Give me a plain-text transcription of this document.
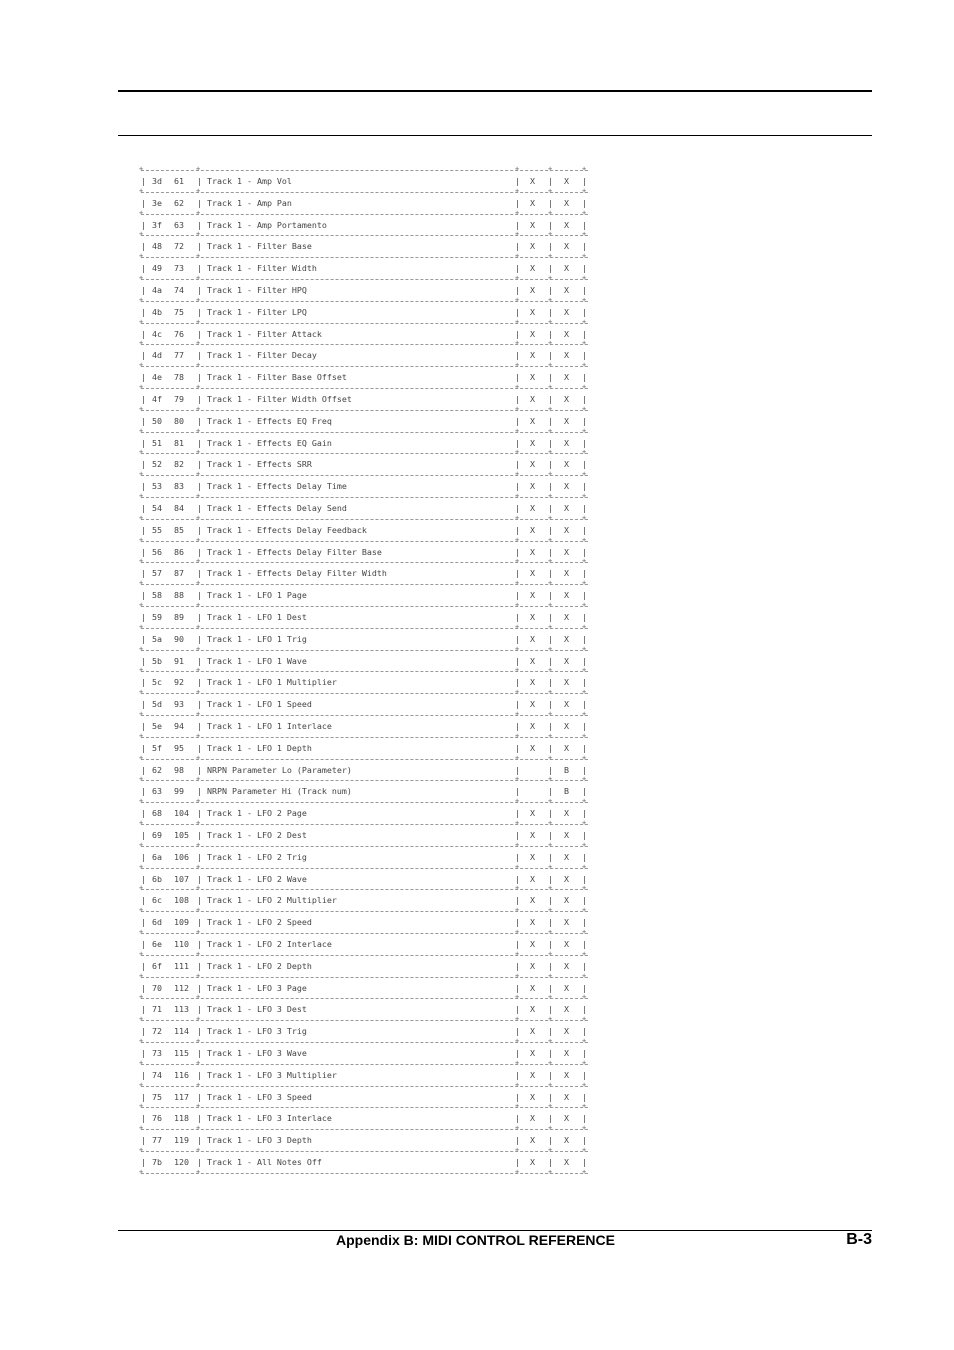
+	+	+	+	+
| 3d 61 | Track 1 - Amp Vol	| X | X |
+	+	+	+	+
| 3e 62 | Track 1 - Amp Pan	| X | X |
+	+	+	+	+
| 3f 63 | Track 1 - Amp Portamento	| X | X |
+	+	+	+	+
| 48 72 | Track 1 - Filter Base	| X | X |
+	+	+	+	+
| 49 73 | Track 1 - Filter Width	| X | X |
+	+	+	+	+
| 4a 74 | Track 1 - Filter HPQ	| X | X |
+	+	+	+	+
| 4b 75 | Track 1 - Filter LPQ	| X | X |
+	+	+	+	+
| 4c 76 | Track 1 - Filter Attack	| X | X |
+	+	+	+	+
| 4d 77 | Track 1 - Filter Decay	| X | X |
+	+	+	+	+
| 4e 78 | Track 1 - Filter Base Offset	| X | X |
+	+	+	+	+
| 4f 79 | Track 1 - Filter Width Offset	| X | X |
+	+	+	+	+
| 50 80 | Track 1 - Effects EQ Freq	| X | X |
+	+	+	+	+
| 51 81 | Track 1 - Effects EQ Gain	| X | X |
+	+	+	+	+
| 52 82 | Track 1 - Effects SRR	| X | X |
+	+	+	+	+
| 53 83 | Track 1 - Effects Delay Time	| X | X |
+	+	+	+	+
| 54 84 | Track 1 - Effects Delay Send	| X | X |
+	+	+	+	+
| 55 85 | Track 1 - Effects Delay Feedback	| X | X |
+	+	+	+	+
| 56 86 | Track 1 - Effects Delay Filter Base	| X | X |
+	+	+	+	+
| 57 87 | Track 1 - Effects Delay Filter Width	| X | X |
+	+	+	+	+
| 58 88 | Track 1 - LFO 1 Page	| X | X |
+	+	+	+	+
| 59 89 | Track 1 - LFO 1 Dest	| X | X |
+	+	+	+	+
| 5a 90 | Track 1 - LFO 1 Trig	| X | X |
+	+	+	+	+
| 5b 91 | Track 1 - LFO 1 Wave	| X | X |
+	+	+	+	+
| 5c 92 | Track 1 - LFO 1 Multiplier	| X | X |
+	+	+	+	+
| 5d 93 | Track 1 - LFO 1 Speed	| X | X |
+	+	+	+	+
| 5e 94 | Track 1 - LFO 1 Interlace	| X | X |
+	+	+	+	+
| 5f 95 | Track 1 - LFO 1 Depth	| X | X |
+	+	+	+	+
| 62 98 | NRPN Parameter Lo (Parameter)	|	| B |
+	+	+	+	+
| 63 99 | NRPN Parameter Hi (Track num)	|	| B |
+	+	+	+	+
| 68 104 | Track 1 - LFO 2 Page	| X | X |
+	+	+	+	+
| 69 105 | Track 1 - LFO 2 Dest	| X | X |
+	+	+	+	+
| 6a 106 | Track 1 - LFO 2 Trig	| X | X |
+	+	+	+	+
| 6b 107 | Track 1 - LFO 2 Wave	| X | X |
+	+	+	+	+
| 6c 108 | Track 1 - LFO 2 Multiplier	| X | X |
+	+	+	+	+
| 6d 109 | Track 1 - LFO 2 Speed	| X | X |
+	+	+	+	+
| 6e 110 | Track 1 - LFO 2 Interlace	| X | X |
+	+	+	+	+
| 6f 111 | Track 1 - LFO 2 Depth	| X | X |
+	+	+	+	+
| 70 112 | Track 1 - LFO 3 Page	| X | X |
+	+	+	+	+
| 71 113 | Track 1 - LFO 3 Dest	| X | X |
+	+	+	+	+
| 72 114 | Track 1 - LFO 3 Trig	| X | X |
+	+	+	+	+
| 73 115 | Track 1 - LFO 3 Wave	| X | X |
+	+	+	+	+
| 74 116 | Track 1 - LFO 3 Multiplier	| X | X |
+	+	+	+	+
| 75 117 | Track 1 - LFO 3 Speed	| X | X |
+	+	+	+	+
| 76 118 | Track 1 - LFO 3 Interlace	| X | X |
+	+	+	+	+
| 77 119 | Track 1 - LFO 3 Depth	| X | X |
+	+	+	+	+
| 7b 120 | Track 1 - All Notes Off	| X | X |
+	+	+	+	+
Appendix B: MIDI CONTROL REFERENCE	B-3
